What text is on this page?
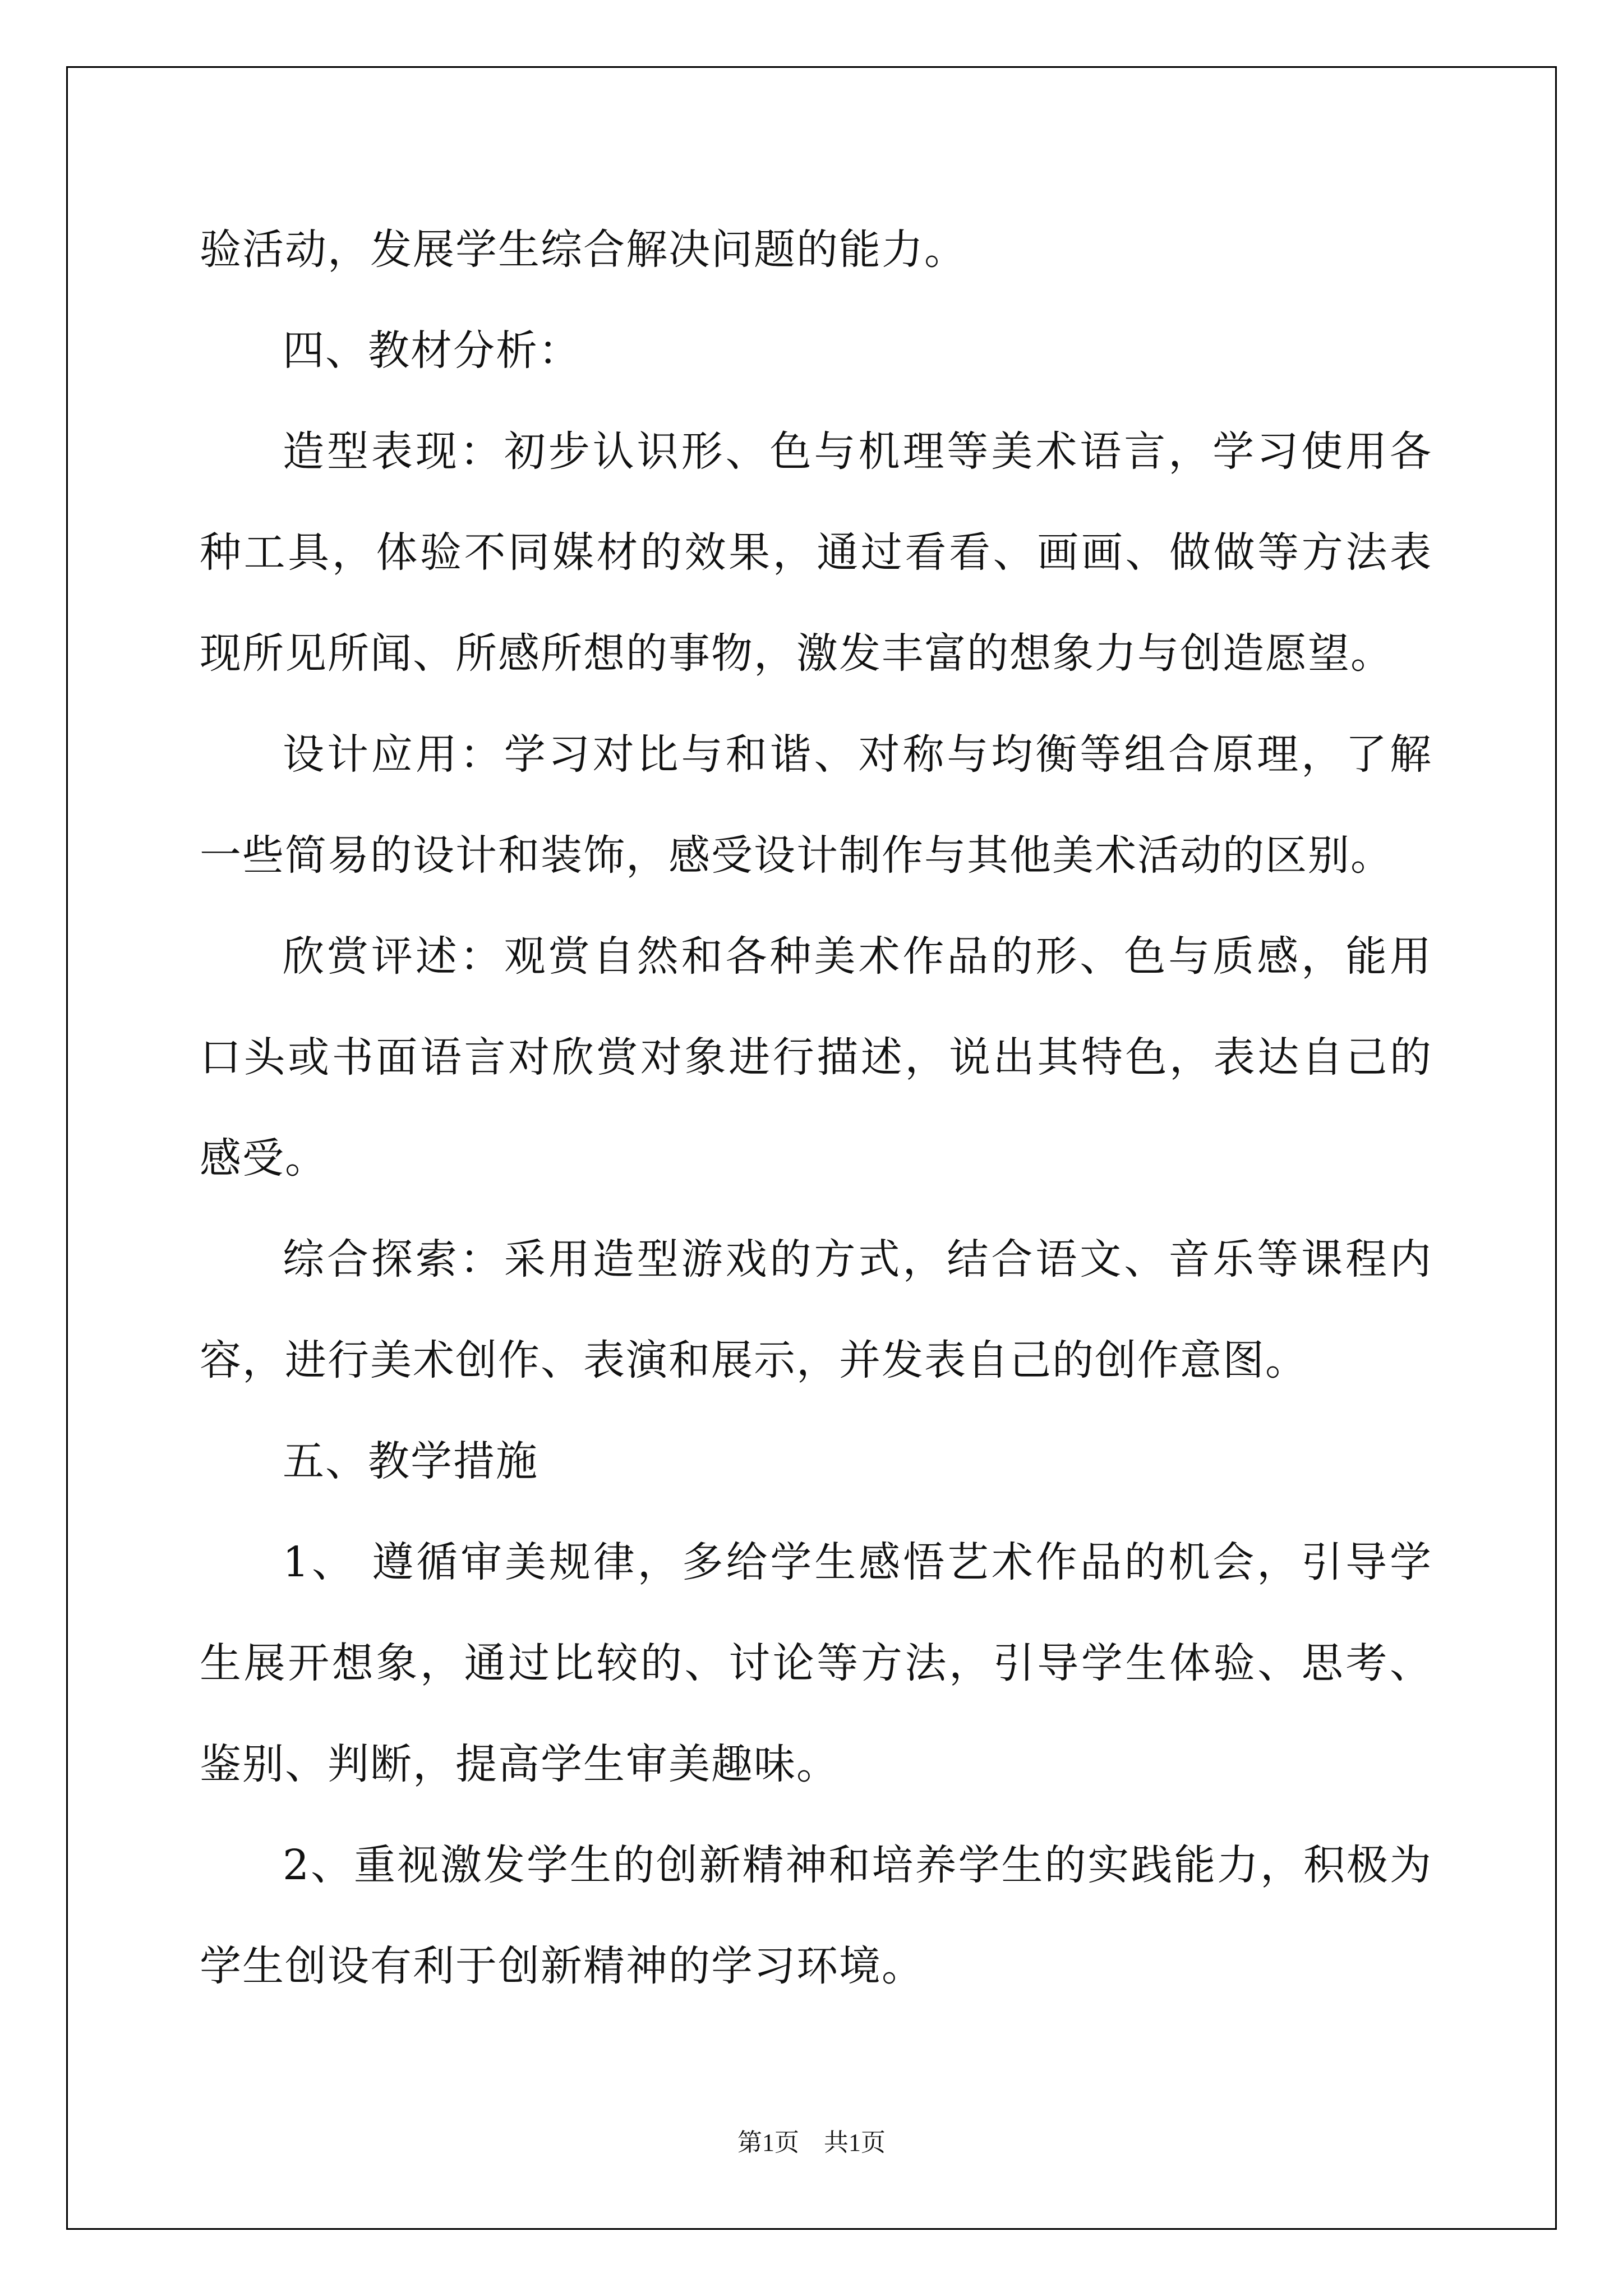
验活动，发展学生综合解决问题的能力。

四、教材分析：

造型表现：初步认识形、色与机理等美术语言，学习使用各种工具，体验不同媒材的效果，通过看看、画画、做做等方法表现所见所闻、所感所想的事物，激发丰富的想象力与创造愿望。

设计应用：学习对比与和谐、对称与均衡等组合原理，了解一些简易的设计和装饰，感受设计制作与其他美术活动的区别。

欣赏评述：观赏自然和各种美术作品的形、色与质感，能用口头或书面语言对欣赏对象进行描述，说出其特色，表达自己的感受。

综合探索：采用造型游戏的方式，结合语文、音乐等课程内容，进行美术创作、表演和展示，并发表自己的创作意图。

五、教学措施

1、 遵循审美规律，多给学生感悟艺术作品的机会，引导学生展开想象，通过比较的、讨论等方法，引导学生体验、思考、鉴别、判断，提高学生审美趣味。

2、重视激发学生的创新精神和培养学生的实践能力，积极为学生创设有利于创新精神的学习环境。

第1页　共1页
